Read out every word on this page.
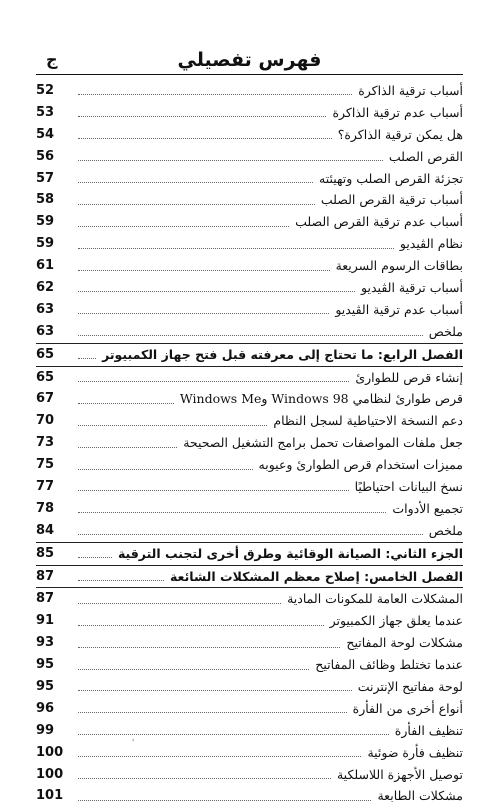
فهرس تفصيلي
ج
أسباب ترقية الذاكرة
52
أسباب عدم ترقية الذاكرة
53
هل يمكن ترقية الذاكرة؟
54
القرص الصلب
56
تجزئة القرص الصلب وتهيئته
57
أسباب ترقية القرص الصلب
58
أسباب عدم ترقية القرص الصلب
59
نظام الڤيديو
59
بطاقات الرسوم السريعة
61
أسباب ترقية الڤيديو
62
أسباب عدم ترقية الڤيديو
63
ملخص
63
الفصل الرابع: ما تحتاج إلى معرفته قبل فتح جهاز الكمبيوتر
65
إنشاء قرص للطوارئ
65
قرص طوارئ لنظامي Windows 98 وWindows Me
67
دعم النسخة الاحتياطية لسجل النظام
70
جعل ملفات المواصفات تحمل برامج التشغيل الصحيحة
73
مميزات استخدام قرص الطوارئ وعيوبه
75
نسخ البيانات احتياطيًا
77
تجميع الأدوات
78
ملخص
84
الجزء الثاني: الصيانة الوقائية وطرق أخرى لتجنب الترقية
85
الفصل الخامس: إصلاح معظم المشكلات الشائعة
87
المشكلات العامة للمكونات المادية
87
عندما يعلق جهاز الكمبيوتر
91
مشكلات لوحة المفاتيح
93
عندما تختلط وظائف المفاتيح
95
لوحة مفاتيح الإنترنت
95
أنواع أخرى من الفأرة
96
تنظيف الفأرة
99
تنظيف فأرة ضوئية
100
توصيل الأجهزة اللاسلكية
100
مشكلات الطابعة
101
'
